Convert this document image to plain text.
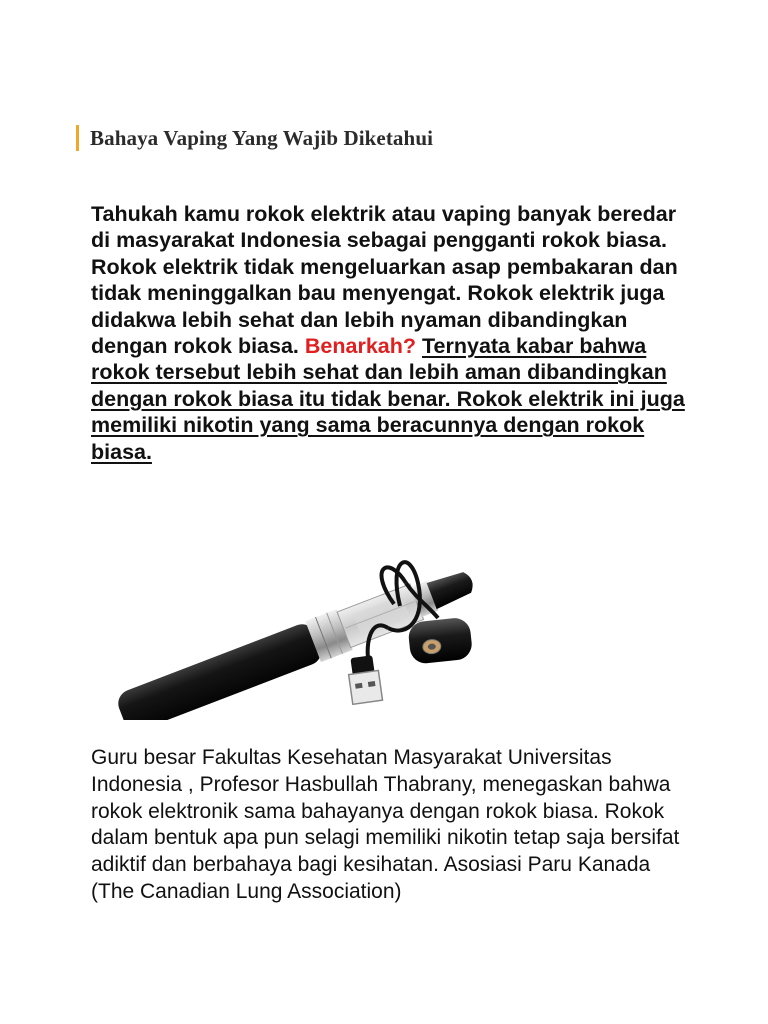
Bahaya Vaping Yang Wajib Diketahui
Tahukah kamu rokok elektrik atau vaping banyak beredar di masyarakat Indonesia sebagai pengganti rokok biasa. Rokok elektrik tidak mengeluarkan asap pembakaran dan tidak meninggalkan bau menyengat. Rokok elektrik juga didakwa lebih sehat dan lebih nyaman dibandingkan dengan rokok biasa. Benarkah? Ternyata kabar bahwa rokok tersebut lebih sehat dan lebih aman dibandingkan dengan rokok biasa itu tidak benar. Rokok elektrik ini juga memiliki nikotin yang sama beracunnya dengan rokok biasa.

Guru besar Fakultas Kesehatan Masyarakat Universitas Indonesia , Profesor Hasbullah Thabrany, menegaskan bahwa rokok elektronik sama bahayanya dengan rokok biasa. Rokok dalam bentuk apa pun selagi memiliki nikotin tetap saja bersifat adiktif dan berbahaya bagi kesihatan. Asosiasi Paru Kanada (The Canadian Lung Association)
